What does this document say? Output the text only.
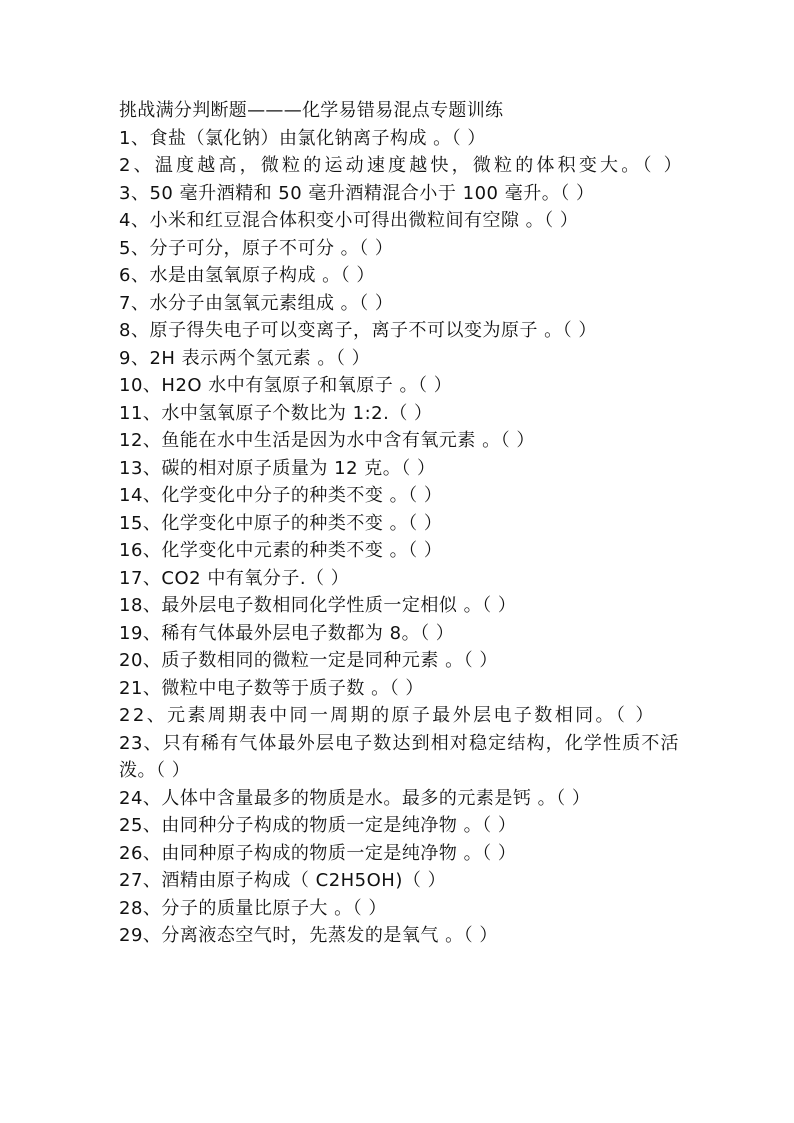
挑战满分判断题———化学易错易混点专题训练
1、食盐（氯化钠）由氯化钠离子构成 。（ ）
2、温度越高，微粒的运动速度越快，微粒的体积变大。（ ）
3、50 毫升酒精和 50 毫升酒精混合小于 100 毫升。（ ）
4、小米和红豆混合体积变小可得出微粒间有空隙 。（ ）
5、分子可分，原子不可分 。（ ）
6、水是由氢氧原子构成 。（ ）
7、水分子由氢氧元素组成 。（ ）
8、原子得失电子可以变离子，离子不可以变为原子 。（ ）
9、2H 表示两个氢元素 。（ ）
10、H2O 水中有氢原子和氧原子 。（ ）
11、水中氢氧原子个数比为 1:2.（ ）
12、鱼能在水中生活是因为水中含有氧元素 。（ ）
13、碳的相对原子质量为 12 克。（ ）
14、化学变化中分子的种类不变 。（ ）
15、化学变化中原子的种类不变 。（ ）
16、化学变化中元素的种类不变 。（ ）
17、CO2 中有氧分子.（ ）
18、最外层电子数相同化学性质一定相似 。（ ）
19、稀有气体最外层电子数都为 8。（ ）
20、质子数相同的微粒一定是同种元素 。（ ）
21、微粒中电子数等于质子数 。（ ）
22、元素周期表中同一周期的原子最外层电子数相同。（ ）
23、只有稀有气体最外层电子数达到相对稳定结构，化学性质不活泼。（ ）
24、人体中含量最多的物质是水。最多的元素是钙 。（ ）
25、由同种分子构成的物质一定是纯净物 。（ ）
26、由同种原子构成的物质一定是纯净物 。（ ）
27、酒精由原子构成（ C2H5OH)（ ）
28、分子的质量比原子大 。（ ）
29、分离液态空气时，先蒸发的是氧气 。（ ）
